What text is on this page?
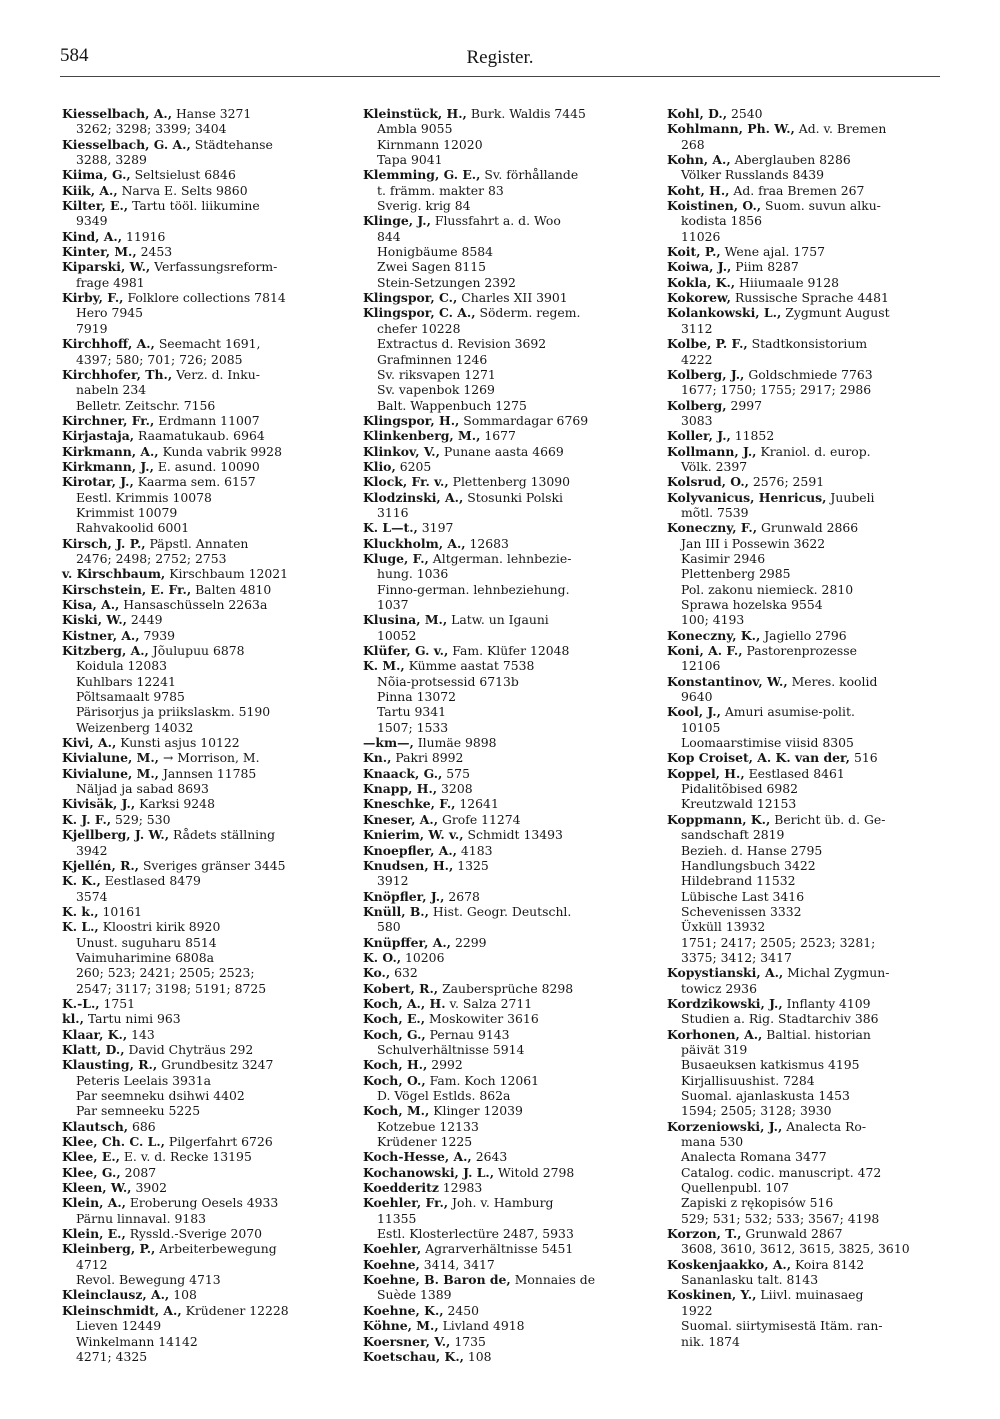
584	Register.
Kiesselbach, A., Hanse 3271
3262; 3298; 3399; 3404
Kiesselbach, G. A., Städtehanse
3288, 3289
Kiima, G., Seltsielust 6846
Kiik, A., Narva E. Selts 9860
Kilter, E., Tartu tööl. liikumine
9349
Kind, A., 11916
Kinter, M., 2453
Kiparski, W., Verfassungsreform-
frage 4981
Kirby, F., Folklore collections 7814
Hero 7945
7919
Kirchhoff, A., Seemacht 1691,
4397; 580; 701; 726; 2085
Kirchhofer, Th., Verz. d. Inku-
nabeln 234
Belletr. Zeitschr. 7156
Kirchner, Fr., Erdmann 11007
Kirjastaja, Raamatukaub. 6964
Kirkmann, A., Kunda vabrik 9928
Kirkmann, J., E. asund. 10090
Kirotar, J., Kaarma sem. 6157
Eestl. Krimmis 10078
Krimmist 10079
Rahvakoolid 6001
Kirsch, J. P., Päpstl. Annaten
2476; 2498; 2752; 2753
v. Kirschbaum, Kirschbaum 12021
Kirschstein, E. Fr., Balten 4810
Kisa, A., Hansaschüsseln 2263a
Kiski, W., 2449
Kistner, A., 7939
Kitzberg, A., Jõulupuu 6878
Koidula 12083
Kuhlbars 12241
Põltsamaalt 9785
Pärisorjus ja priikslaskm. 5190
Weizenberg 14032
Kivi, A., Kunsti asjus 10122
Kivialune, M., → Morrison, M.
Kivialune, M., Jannsen 11785
Näljad ja sabad 8693
Kivisäk, J., Karksi 9248
K. J. F., 529; 530
Kjellberg, J. W., Rådets ställning
3942
Kjellén, R., Sveriges gränser 3445
K. K., Eestlased 8479
3574
K. k., 10161
K. L., Kloostri kirik 8920
Unust. suguharu 8514
Vaimuharimine 6808a
260; 523; 2421; 2505; 2523;
2547; 3117; 3198; 5191; 8725
K.-L., 1751
kl., Tartu nimi 963
Klaar, K., 143
Klatt, D., David Chyträus 292
Klausting, R., Grundbesitz 3247
Peteris Leelais 3931a
Par seemneku dsihwi 4402
Par semneeku 5225
Klautsch, 686
Klee, Ch. C. L., Pilgerfahrt 6726
Klee, E., E. v. d. Recke 13195
Klee, G., 2087
Kleen, W., 3902
Klein, A., Eroberung Oesels 4933
Pärnu linnaval. 9183
Klein, E., Ryssld.-Sverige 2070
Kleinberg, P., Arbeiterbewegung
4712
Revol. Bewegung 4713
Kleinclausz, A., 108
Kleinschmidt, A., Krüdener 12228
Lieven 12449
Winkelmann 14142
4271; 4325
Kleinstück, H., Burk. Waldis 7445
Ambla 9055
Kirnmann 12020
Tapa 9041
Klemming, G. E., Sv. förhållande
t. främm. makter 83
Sverig. krig 84
Klinge, J., Flussfahrt a. d. Woo
844
Honigbäume 8584
Zwei Sagen 8115
Stein-Setzungen 2392
Klingspor, C., Charles XII 3901
Klingspor, C. A., Söderm. regem.
chefer 10228
Extractus d. Revision 3692
Grafminnen 1246
Sv. riksvapen 1271
Sv. vapenbok 1269
Balt. Wappenbuch 1275
Klingspor, H., Sommardagar 6769
Klinkenberg, M., 1677
Klinkov, V., Punane aasta 4669
Klio, 6205
Klock, Fr. v., Plettenberg 13090
Klodzinski, A., Stosunki Polski
3116
K. L—t., 3197
Kluckholm, A., 12683
Kluge, F., Altgerman. lehnbezie-
hung. 1036
Finno-german. lehnbeziehung.
1037
Klusina, M., Latw. un Igauni
10052
Klüfer, G. v., Fam. Klüfer 12048
K. M., Kümme aastat 7538
Nõia-protsessid 6713b
Pinna 13072
Tartu 9341
1507; 1533
—km—, Ilumäe 9898
Kn., Pakri 8992
Knaack, G., 575
Knapp, H., 3208
Kneschke, F., 12641
Kneser, A., Grofe 11274
Knierim, W. v., Schmidt 13493
Knoepfler, A., 4183
Knudsen, H., 1325
3912
Knöpfler, J., 2678
Knüll, B., Hist. Geogr. Deutschl.
580
Knüpffer, A., 2299
K. O., 10206
Ko., 632
Kobert, R., Zaubersprüche 8298
Koch, A., H. v. Salza 2711
Koch, E., Moskowiter 3616
Koch, G., Pernau 9143
Schulverhältnisse 5914
Koch, H., 2992
Koch, O., Fam. Koch 12061
D. Vögel Estlds. 862a
Koch, M., Klinger 12039
Kotzebue 12133
Krüdener 1225
Koch-Hesse, A., 2643
Kochanowski, J. L., Witold 2798
Koedderitz 12983
Koehler, Fr., Joh. v. Hamburg
11355
Estl. Klosterlectüre 2487, 5933
Koehler, Agrarverhältnisse 5451
Koehne, 3414, 3417
Koehne, B. Baron de, Monnaies de
Suède 1389
Koehne, K., 2450
Köhne, M., Livland 4918
Koersner, V., 1735
Koetschau, K., 108
Kohl, D., 2540
Kohlmann, Ph. W., Ad. v. Bremen
268
Kohn, A., Aberglauben 8286
Völker Russlands 8439
Koht, H., Ad. fraa Bremen 267
Koistinen, O., Suom. suvun alku-
kodista 1856
11026
Koit, P., Wene ajal. 1757
Koiwa, J., Piim 8287
Kokla, K., Hiiumaale 9128
Kokorew, Russische Sprache 4481
Kolankowski, L., Zygmunt August
3112
Kolbe, P. F., Stadtkonsistorium
4222
Kolberg, J., Goldschmiede 7763
1677; 1750; 1755; 2917; 2986
Kolberg, 2997
3083
Koller, J., 11852
Kollmann, J., Kraniol. d. europ.
Völk. 2397
Kolsrud, O., 2576; 2591
Kolyvanicus, Henricus, Juubeli
mõtl. 7539
Koneczny, F., Grunwald 2866
Jan III i Possewin 3622
Kasimir 2946
Plettenberg 2985
Pol. zakonu niemieck. 2810
Sprawa hozelska 9554
100; 4193
Koneczny, K., Jagiello 2796
Koni, A. F., Pastorenprozesse
12106
Konstantinov, W., Meres. koolid
9640
Kool, J., Amuri asumise-polit.
10105
Loomaarstimise viisid 8305
Kop Croiset, A. K. van der, 516
Koppel, H., Eestlased 8461
Pidalitõbised 6982
Kreutzwald 12153
Koppmann, K., Bericht üb. d. Ge-
sandschaft 2819
Bezieh. d. Hanse 2795
Handlungsbuch 3422
Hildebrand 11532
Lübische Last 3416
Schevenissen 3332
Üxküll 13932
1751; 2417; 2505; 2523; 3281;
3375; 3412; 3417
Kopystianski, A., Michal Zygmun-
towicz 2936
Kordzikowski, J., Inflanty 4109
Studien a. Rig. Stadtarchiv 386
Korhonen, A., Baltial. historian
päivät 319
Busaeuksen katkismus 4195
Kirjallisuushist. 7284
Suomal. ajanlaskusta 1453
1594; 2505; 3128; 3930
Korzeniowski, J., Analecta Ro-
mana 530
Analecta Romana 3477
Catalog. codic. manuscript. 472
Quellenpubl. 107
Zapiski z rękopisów 516
529; 531; 532; 533; 3567; 4198
Korzon, T., Grunwald 2867
3608, 3610, 3612, 3615, 3825, 3610
Koskenjaakko, A., Koira 8142
Sananlasku talt. 8143
Koskinen, Y., Liivl. muinasaeg
1922
Suomal. siirtymisestä Itäm. ran-
nik. 1874
